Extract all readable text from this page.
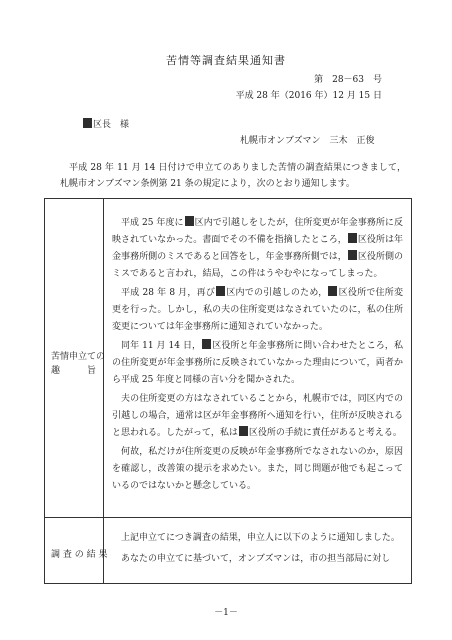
苦情等調査結果通知書
第　28－63　号
平成 28 年（2016 年）12 月 15 日
区長　様
札幌市オンブズマン　三木　正俊

平成 28 年 11 月 14 日付けで申立てのありました苦情の調査結果につきまして，札幌市オンブズマン条例第 21 条の規定により，次のとおり通知します。

苦情申立ての
趣　　　旨

平成 25 年度に 区内で引越しをしたが，住所変更が年金事務所に反映されていなかった。書面でその不備を指摘したところ， 区役所は年金事務所側のミスであると回答をし，年金事務所側では， 区役所側のミスであると言われ，結局，この件はうやむやになってしまった。

平成 28 年 8 月，再び 区内での引越しのため， 区役所で住所変更を行った。しかし，私の夫の住所変更はなされていたのに，私の住所変更については年金事務所に通知されていなかった。

同年 11 月 14 日， 区役所と年金事務所に問い合わせたところ，私の住所変更が年金事務所に反映されていなかった理由について，両者から平成 25 年度と同様の言い分を聞かされた。

夫の住所変更の方はなされていることから，札幌市では，同区内での引越しの場合，通常は区が年金事務所へ通知を行い，住所が反映されると思われる。したがって，私は 区役所の手続に責任があると考える。

何故，私だけが住所変更の反映が年金事務所でなされないのか，原因を確認し，改善策の提示を求めたい。また，同じ問題が他でも起こっているのではないかと懸念している。

調 査 の 結 果

上記申立てにつき調査の結果，申立人に以下のように通知しました。

あなたの申立てに基づいて，オンブズマンは，市の担当部局に対し

－1－
